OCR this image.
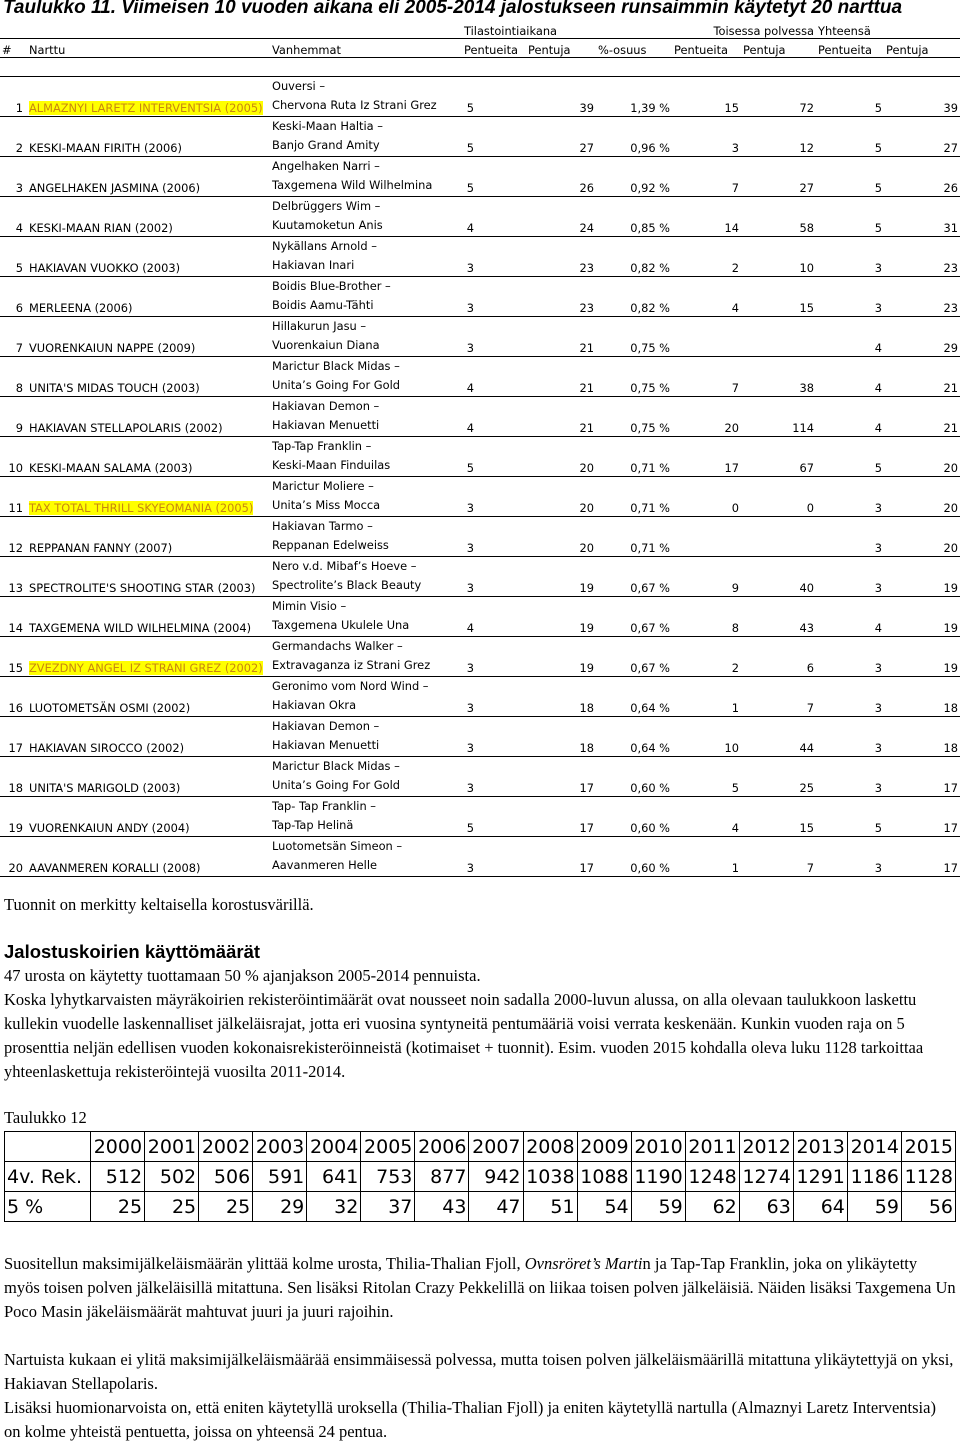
Taulukko 11. Viimeisen 10 vuoden aikana eli 2005-2014 jalostukseen runsaimmin käytetyt 20 narttua
			Tilastointiaikana			Toisessa polvessa		Yhteensä	
#	Narttu	Vanhemmat	Pentueita	Pentuja	%-osuus	Pentueita	Pentuja	Pentueita	Pentuja

1	ALMAZNYI LARETZ INTERVENTSIA (2005)	Ouversi –
Chervona Ruta Iz Strani Grez	5	39	1,39 %	15	72	5	39
2	KESKI-MAAN FIRITH (2006)	Keski-Maan Haltia –
Banjo Grand Amity	5	27	0,96 %	3	12	5	27
3	ANGELHAKEN JASMINA (2006)	Angelhaken Narri –
Taxgemena Wild Wilhelmina	5	26	0,92 %	7	27	5	26
4	KESKI-MAAN RIAN (2002)	Delbrüggers Wim –
Kuutamoketun Anis	4	24	0,85 %	14	58	5	31
5	HAKIAVAN VUOKKO (2003)	Nykällans Arnold –
Hakiavan Inari	3	23	0,82 %	2	10	3	23
6	MERLEENA (2006)	Boidis Blue-Brother –
Boidis Aamu-Tähti	3	23	0,82 %	4	15	3	23
7	VUORENKAIUN NAPPE (2009)	Hillakurun Jasu –
Vuorenkaiun Diana	3	21	0,75 %			4	29
8	UNITA'S MIDAS TOUCH (2003)	Marictur Black Midas –
Unita’s Going For Gold	4	21	0,75 %	7	38	4	21
9	HAKIAVAN STELLAPOLARIS (2002)	Hakiavan Demon –
Hakiavan Menuetti	4	21	0,75 %	20	114	4	21
10	KESKI-MAAN SALAMA (2003)	Tap-Tap Franklin –
Keski-Maan Finduilas	5	20	0,71 %	17	67	5	20
11	TAX TOTAL THRILL SKYEOMANIA (2005)	Marictur Moliere –
Unita’s Miss Mocca	3	20	0,71 %	0	0	3	20
12	REPPANAN FANNY (2007)	Hakiavan Tarmo –
Reppanan Edelweiss	3	20	0,71 %			3	20
13	SPECTROLITE'S SHOOTING STAR (2003)	Nero v.d. Mibaf’s Hoeve –
Spectrolite’s Black Beauty	3	19	0,67 %	9	40	3	19
14	TAXGEMENA WILD WILHELMINA (2004)	Mimin Visio –
Taxgemena Ukulele Una	4	19	0,67 %	8	43	4	19
15	ZVEZDNY ANGEL IZ STRANI GREZ (2002)	Germandachs Walker –
Extravaganza iz Strani Grez	3	19	0,67 %	2	6	3	19
16	LUOTOMETSÄN OSMI (2002)	Geronimo vom Nord Wind –
Hakiavan Okra	3	18	0,64 %	1	7	3	18
17	HAKIAVAN SIROCCO (2002)	Hakiavan Demon –
Hakiavan Menuetti	3	18	0,64 %	10	44	3	18
18	UNITA'S MARIGOLD (2003)	Marictur Black Midas –
Unita’s Going For Gold	3	17	0,60 %	5	25	3	17
19	VUORENKAIUN ANDY (2004)	Tap- Tap Franklin –
Tap-Tap Helinä	5	17	0,60 %	4	15	5	17
20	AAVANMEREN KORALLI (2008)	Luotometsän Simeon –
Aavanmeren Helle	3	17	0,60 %	1	7	3	17
Tuonnit on merkitty keltaisella korostusvärillä.
Jalostuskoirien käyttömäärät
47 urosta on käytetty tuottamaan 50 % ajanjakson 2005-2014 pennuista.
Koska lyhytkarvaisten mäyräkoirien rekisteröintimäärät ovat nousseet noin sadalla 2000-luvun alussa, on alla olevaan taulukkoon laskettu kullekin vuodelle laskennalliset jälkeläisrajat, jotta eri vuosina syntyneitä pentumääriä voisi verrata keskenään. Kunkin vuoden raja on 5 prosenttia neljän edellisen vuoden kokonaisrekisteröinneistä (kotimaiset + tuonnit). Esim. vuoden 2015 kohdalla oleva luku 1128 tarkoittaa yhteenlaskettuja rekisteröintejä vuosilta 2011-2014.
Taulukko 12
	2000	2001	2002	2003	2004	2005	2006	2007	2008	2009	2010	2011	2012	2013	2014	2015
4v. Rek.	512	502	506	591	641	753	877	942	1038	1088	1190	1248	1274	1291	1186	1128
5 %	25	25	25	29	32	37	43	47	51	54	59	62	63	64	59	56
Suositellun maksimijälkeläismäärän ylittää kolme urosta, Thilia-Thalian Fjoll, Ovnsröret’s Martin ja Tap-Tap Franklin, joka on ylikäytetty myös toisen polven jälkeläisillä mitattuna. Sen lisäksi Ritolan Crazy Pekkelillä on liikaa toisen polven jälkeläisiä. Näiden lisäksi Taxgemena Un Poco Masin jäkeläismäärät mahtuvat juuri ja juuri rajoihin.
Nartuista kukaan ei ylitä maksimijälkeläismäärää ensimmäisessä polvessa, mutta toisen polven jälkeläismäärillä mitattuna ylikäytettyjä on yksi, Hakiavan Stellapolaris.
Lisäksi huomionarvoista on, että eniten käytetyllä uroksella (Thilia-Thalian Fjoll) ja eniten käytetyllä nartulla (Almaznyi Laretz Interventsia) on kolme yhteistä pentuetta, joissa on yhteensä 24 pentua.
